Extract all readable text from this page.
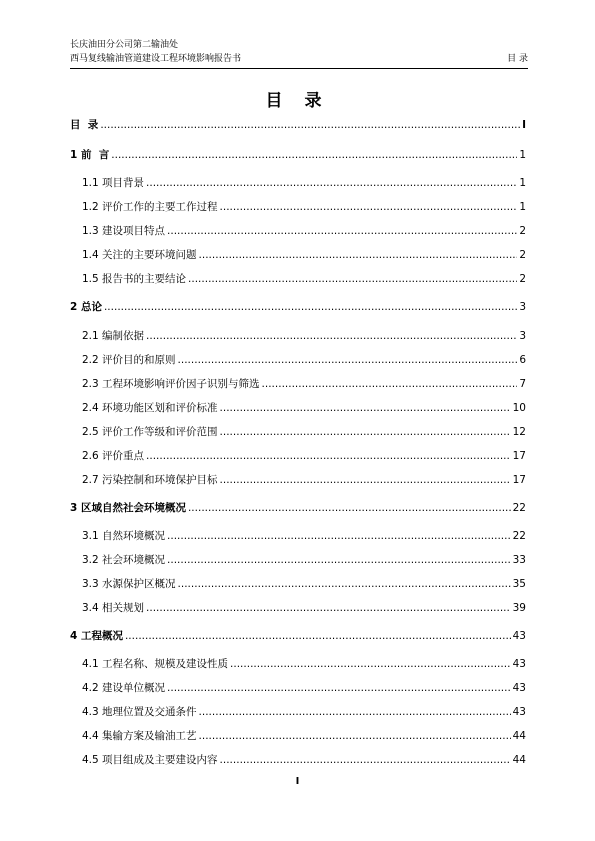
长庆油田分公司第二输油处
西马复线输油管道建设工程环境影响报告书	目 录
目 录
目 录 .....	I
1 前  言 .....	1
1.1 项目背景 .....	1
1.2 评价工作的主要工作过程 .....	1
1.3 建设项目特点 .....	2
1.4 关注的主要环境问题 .....	2
1.5 报告书的主要结论 .....	2
2 总论 .....	3
2.1 编制依据 .....	3
2.2 评价目的和原则 .....	6
2.3 工程环境影响评价因子识别与筛选 .....	7
2.4 环境功能区划和评价标准 .....	10
2.5 评价工作等级和评价范围 .....	12
2.6 评价重点 .....	17
2.7 污染控制和环境保护目标 .....	17
3 区域自然社会环境概况 .....	22
3.1 自然环境概况 .....	22
3.2 社会环境概况 .....	33
3.3 水源保护区概况 .....	35
3.4 相关规划 .....	39
4 工程概况 .....	43
4.1 工程名称、规模及建设性质 .....	43
4.2 建设单位概况 .....	43
4.3 地理位置及交通条件 .....	43
4.4 集输方案及输油工艺 .....	44
4.5 项目组成及主要建设内容 .....	44
I
